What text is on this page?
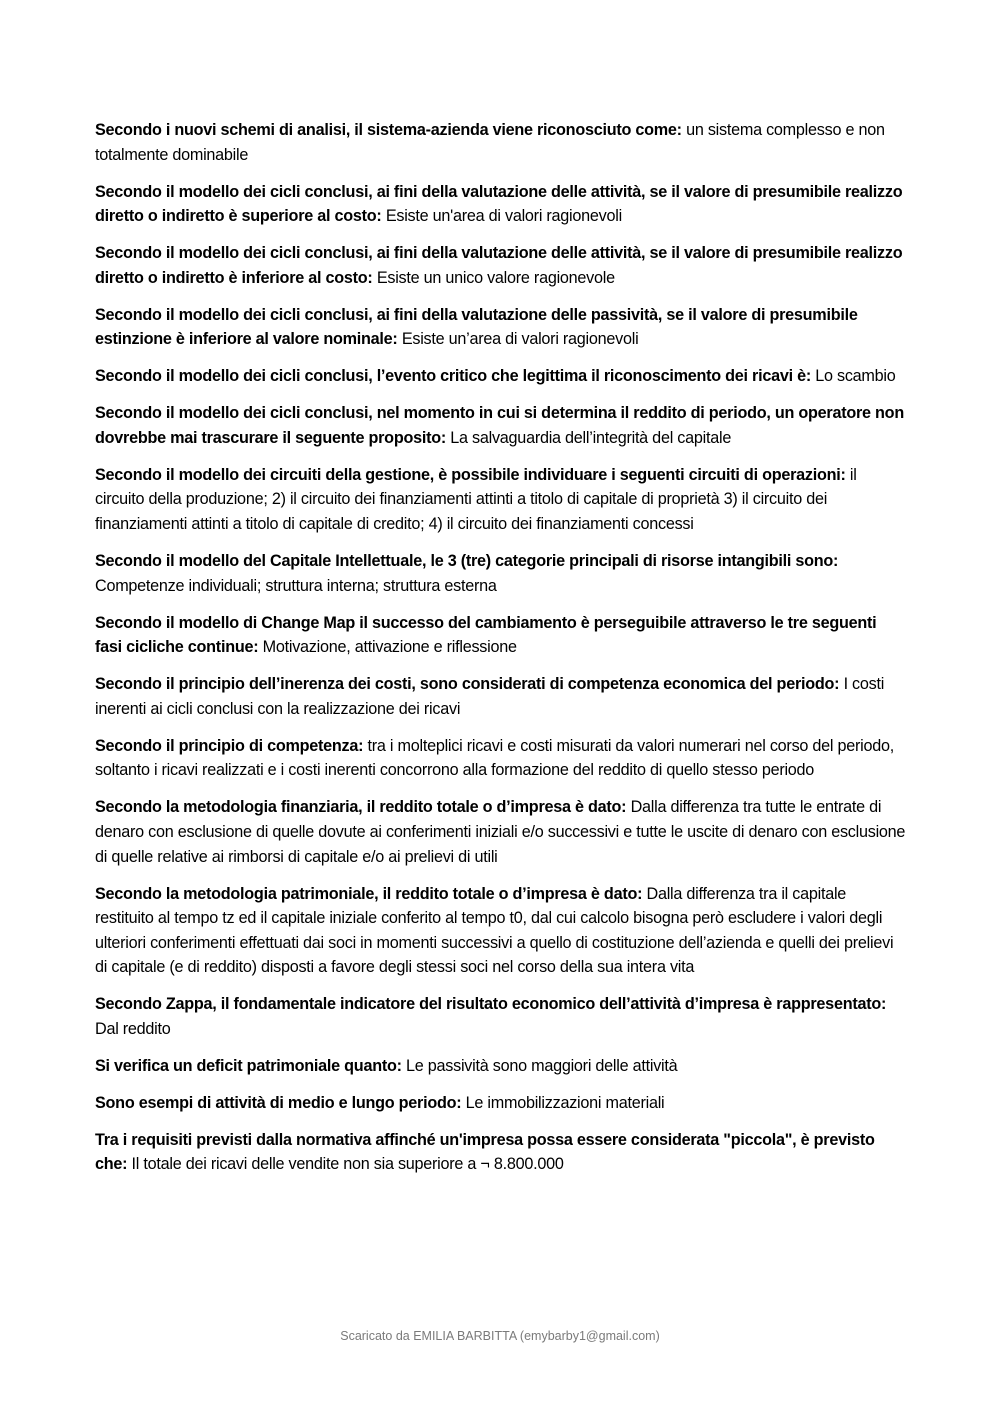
Secondo i nuovi schemi di analisi, il sistema-azienda viene riconosciuto come: un sistema complesso e non totalmente dominabile

Secondo il modello dei cicli conclusi, ai fini della valutazione delle attività, se il valore di presumibile realizzo diretto o indiretto è superiore al costo: Esiste un'area di valori ragionevoli

Secondo il modello dei cicli conclusi, ai fini della valutazione delle attività, se il valore di presumibile realizzo diretto o indiretto è inferiore al costo: Esiste un unico valore ragionevole

Secondo il modello dei cicli conclusi, ai fini della valutazione delle passività, se il valore di presumibile estinzione è inferiore al valore nominale: Esiste un’area di valori ragionevoli

Secondo il modello dei cicli conclusi, l’evento critico che legittima il riconoscimento dei ricavi è: Lo scambio

Secondo il modello dei cicli conclusi, nel momento in cui si determina il reddito di periodo, un operatore non dovrebbe mai trascurare il seguente proposito: La salvaguardia dell’integrità del capitale

Secondo il modello dei circuiti della gestione, è possibile individuare i seguenti circuiti di operazioni: il circuito della produzione; 2) il circuito dei finanziamenti attinti a titolo di capitale di proprietà 3) il circuito dei finanziamenti attinti a titolo di capitale di credito; 4) il circuito dei finanziamenti concessi

Secondo il modello del Capitale Intellettuale, le 3 (tre) categorie principali di risorse intangibili sono: Competenze individuali; struttura interna; struttura esterna

Secondo il modello di Change Map il successo del cambiamento è perseguibile attraverso le tre seguenti fasi cicliche continue: Motivazione, attivazione e riflessione

Secondo il principio dell’inerenza dei costi, sono considerati di competenza economica del periodo: I costi inerenti ai cicli conclusi con la realizzazione dei ricavi

Secondo il principio di competenza: tra i molteplici ricavi e costi misurati da valori numerari nel corso del periodo, soltanto i ricavi realizzati e i costi inerenti concorrono alla formazione del reddito di quello stesso periodo

Secondo la metodologia finanziaria, il reddito totale o d’impresa è dato: Dalla differenza tra tutte le entrate di denaro con esclusione di quelle dovute ai conferimenti iniziali e/o successivi e tutte le uscite di denaro con esclusione di quelle relative ai rimborsi di capitale e/o ai prelievi di utili

Secondo la metodologia patrimoniale, il reddito totale o d’impresa è dato: Dalla differenza tra il capitale restituito al tempo tz ed il capitale iniziale conferito al tempo t0, dal cui calcolo bisogna però escludere i valori degli ulteriori conferimenti effettuati dai soci in momenti successivi a quello di costituzione dell’azienda e quelli dei prelievi di capitale (e di reddito) disposti a favore degli stessi soci nel corso della sua intera vita

Secondo Zappa, il fondamentale indicatore del risultato economico dell’attività d’impresa è rappresentato: Dal reddito

Si verifica un deficit patrimoniale quanto: Le passività sono maggiori delle attività

Sono esempi di attività di medio e lungo periodo: Le immobilizzazioni materiali

Tra i requisiti previsti dalla normativa affinché un'impresa possa essere considerata "piccola", è previsto che: Il totale dei ricavi delle vendite non sia superiore a ¬ 8.800.000

Scaricato da EMILIA BARBITTA (emybarby1@gmail.com)
